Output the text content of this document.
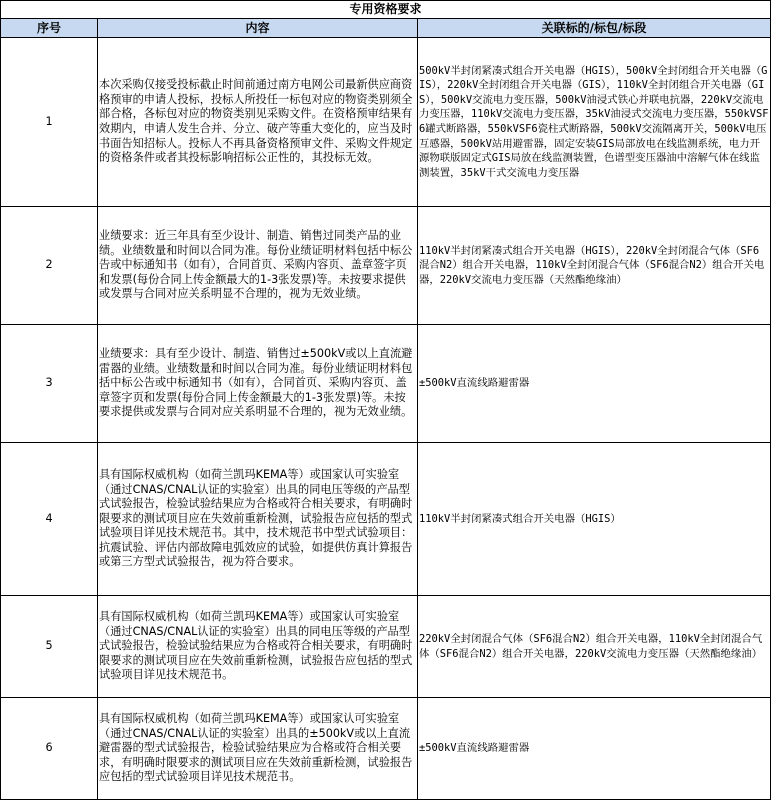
专用资格要求		
序号	内容	关联标的/标包/标段
1	本次采购仅接受投标截止时间前通过南方电网公司最新供应商资格预审的申请人投标，投标人所投任一标包对应的物资类别须全部合格，各标包对应的物资类别见采购文件。在资格预审结果有效期内，申请人发生合并、分立、破产等重大变化的，应当及时书面告知招标人。投标人不再具备资格预审文件、采购文件规定的资格条件或者其投标影响招标公正性的，其投标无效。	500kV半封闭紧凑式组合开关电器（HGIS），500kV全封闭组合开关电器（GIS），220kV全封闭组合开关电器（GIS），110kV全封闭组合开关电器（GIS），500kV交流电力变压器，500kV油浸式铁心并联电抗器，220kV交流电力变压器，110kV交流电力变压器，35kV油浸式交流电力变压器，550kVSF6罐式断路器，550kVSF6瓷柱式断路器，500kV交流隔离开关，500kV电压互感器，500kV站用避雷器，固定安装GIS局部放电在线监测系统，电力开源物联版固定式GIS局放在线监测装置，色谱型变压器油中溶解气体在线监测装置，35kV干式交流电力变压器
2	业绩要求：近三年具有至少设计、制造、销售过同类产品的业绩。业绩数量和时间以合同为准。每份业绩证明材料包括中标公告或中标通知书（如有），合同首页、采购内容页、盖章签字页和发票(每份合同上传金额最大的1-3张发票)等。未按要求提供或发票与合同对应关系明显不合理的，视为无效业绩。	110kV半封闭紧凑式组合开关电器（HGIS），220kV全封闭混合气体（SF6混合N2）组合开关电器，110kV全封闭混合气体（SF6混合N2）组合开关电器，220kV交流电力变压器（天然酯绝缘油）
3	业绩要求：具有至少设计、制造、销售过±500kV或以上直流避雷器的业绩。业绩数量和时间以合同为准。每份业绩证明材料包括中标公告或中标通知书（如有），合同首页、采购内容页、盖章签字页和发票(每份合同上传金额最大的1-3张发票)等。未按要求提供或发票与合同对应关系明显不合理的，视为无效业绩。	±500kV直流线路避雷器
4	具有国际权威机构（如荷兰凯玛KEMA等）或国家认可实验室（通过CNAS/CNAL认证的实验室）出具的同电压等级的产品型式试验报告，检验试验结果应为合格或符合相关要求，有明确时限要求的测试项目应在失效前重新检测，试验报告应包括的型式试验项目详见技术规范书。其中，技术规范书中型式试验项目：抗震试验、评估内部故障电弧效应的试验，如提供仿真计算报告或第三方型式试验报告，视为符合要求。	110kV半封闭紧凑式组合开关电器（HGIS）
5	具有国际权威机构（如荷兰凯玛KEMA等）或国家认可实验室（通过CNAS/CNAL认证的实验室）出具的同电压等级的产品型式试验报告，检验试验结果应为合格或符合相关要求，有明确时限要求的测试项目应在失效前重新检测，试验报告应包括的型式试验项目详见技术规范书。	220kV全封闭混合气体（SF6混合N2）组合开关电器，110kV全封闭混合气体（SF6混合N2）组合开关电器，220kV交流电力变压器（天然酯绝缘油）
6	具有国际权威机构（如荷兰凯玛KEMA等）或国家认可实验室（通过CNAS/CNAL认证的实验室）出具的±500kV或以上直流避雷器的型式试验报告，检验试验结果应为合格或符合相关要求，有明确时限要求的测试项目应在失效前重新检测，试验报告应包括的型式试验项目详见技术规范书。	±500kV直流线路避雷器
